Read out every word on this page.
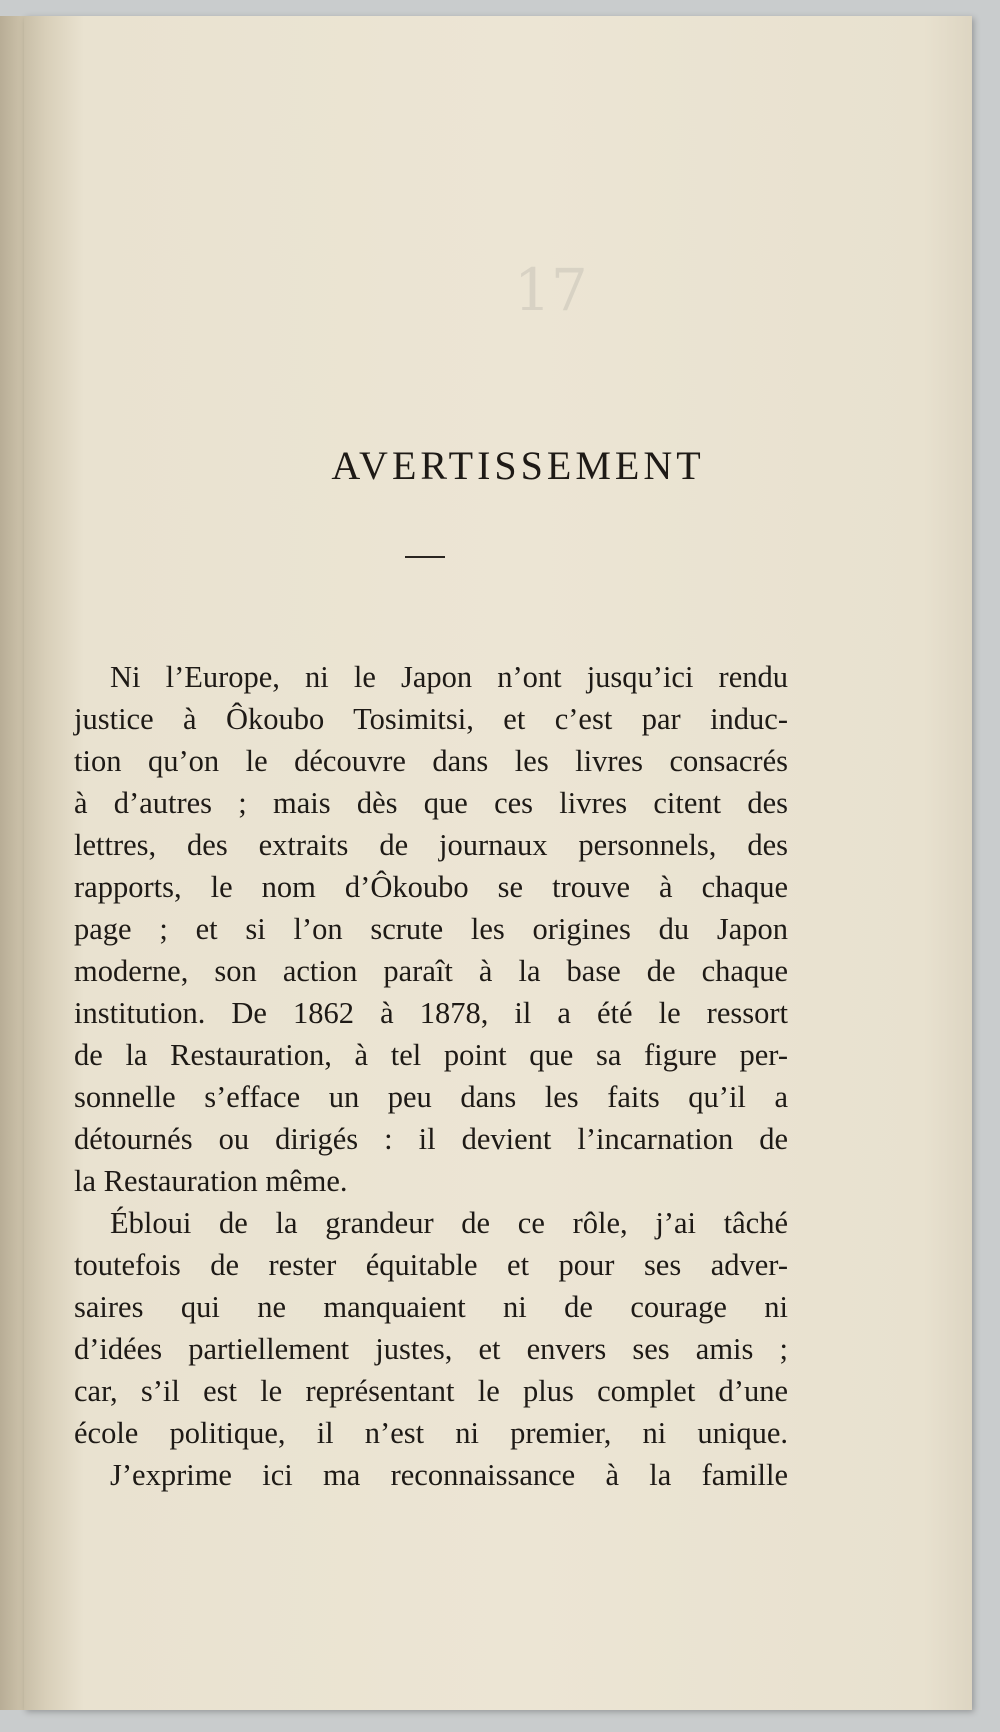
17
AVERTISSEMENT
Ni l’Europe, ni le Japon n’ont jusqu’ici rendu
justice à Ôkoubo Tosimitsi, et c’est par induc-
tion qu’on le découvre dans les livres consacrés
à d’autres ; mais dès que ces livres citent des
lettres, des extraits de journaux personnels, des
rapports, le nom d’Ôkoubo se trouve à chaque
page ; et si l’on scrute les origines du Japon
moderne, son action paraît à la base de chaque
institution. De 1862 à 1878, il a été le ressort
de la Restauration, à tel point que sa figure per-
sonnelle s’efface un peu dans les faits qu’il a
détournés ou dirigés : il devient l’incarnation de
la Restauration même.
Ébloui de la grandeur de ce rôle, j’ai tâché
toutefois de rester équitable et pour ses adver-
saires qui ne manquaient ni de courage ni
d’idées partiellement justes, et envers ses amis ;
car, s’il est le représentant le plus complet d’une
école politique, il n’est ni premier, ni unique.
J’exprime ici ma reconnaissance à la famille
